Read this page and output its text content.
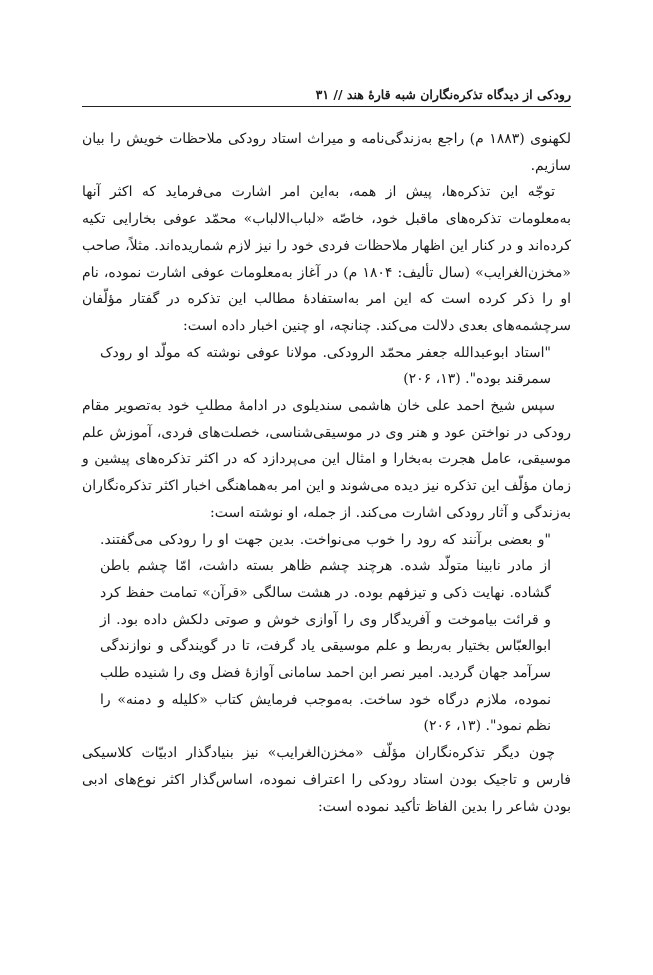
رودکی از دیدگاه تذکره‌نگاران شبه قارهٔ هند // ۳۱

لکهنوی (۱۸۸۳ م) راجع به‌زندگی‌نامه و میراث استاد رودکی ملاحظات خویش را بیان سازیم.

توجّه این تذکره‌ها، پیش از همه، به‌این امر اشارت می‌فرماید که اکثر آنها به‌معلومات تذکره‌های ماقبل خود، خاصّه «لباب‌الالباب» محمّد عوفی بخارایی تکیه کرده‌اند و در کنار این اظهار ملاحظات فردی خود را نیز لازم شماریده‌اند. مثلاً، صاحب «مخزن‌الغرایب» (سال تألیف: ۱۸۰۴ م) در آغاز به‌معلومات عوفی اشارت نموده، نام او را ذکر کرده است که این امر به‌استفادهٔ مطالب این تذکره در گفتار مؤلّفان سرچشمه‌های بعدی دلالت می‌کند. چنانچه، او چنین اخبار داده است:

"استاد ابوعبدالله جعفر محمّد الرودکی. مولانا عوفی نوشته که مولّد او رودک سمرقند بوده". (۱۳، ۲۰۶)

سپس شیخ احمد علی خان هاشمی سندیلوی در ادامهٔ مطلبِ خود به‌تصویر مقام رودکی در نواختن عود و هنر وی در موسیقی‌شناسی، خصلت‌های فردی، آموزش علم موسیقی، عامل هجرت به‌بخارا و امثال این می‌پردازد که در اکثر تذکره‌های پیشین و زمان مؤلّف این تذکره نیز دیده می‌شوند و این امر به‌هماهنگی اخبار اکثر تذکره‌نگاران به‌زندگی و آثار رودکی اشارت می‌کند. از جمله، او نوشته است:

"و بعضی برآنند که رود را خوب می‌نواخت. بدین جهت او را رودکی می‌گفتند. از مادر نابینا متولّد شده. هرچند چشم ظاهر بسته داشت، امّا چشم باطن گشاده. نهایت ذکی و تیزفهم بوده. در هشت سالگی «قرآن» تمامت حفظ کرد و قرائت بیاموخت و آفریدگار وی را آوازی خوش و صوتی دلکش داده بود. از ابوالعبّاس بختیار به‌ربط و علم موسیقی یاد گرفت، تا در گویندگی و نوازندگی سرآمد جهان گردید. امیر نصر ابن احمد سامانی آوازهٔ فضل وی را شنیده طلب نموده، ملازم درگاه خود ساخت. به‌موجب فرمایش کتاب «کلیله و دمنه» را نظم نمود". (۱۳، ۲۰۶)

چون دیگر تذکره‌نگاران مؤلّف «مخزن‌الغرایب» نیز بنیادگذار ادبیّات کلاسیکی فارس و تاجیک بودن استاد رودکی را اعتراف نموده، اساس‌گذار اکثر نوع‌های ادبی بودن شاعر را بدین الفاظ تأکید نموده است:
